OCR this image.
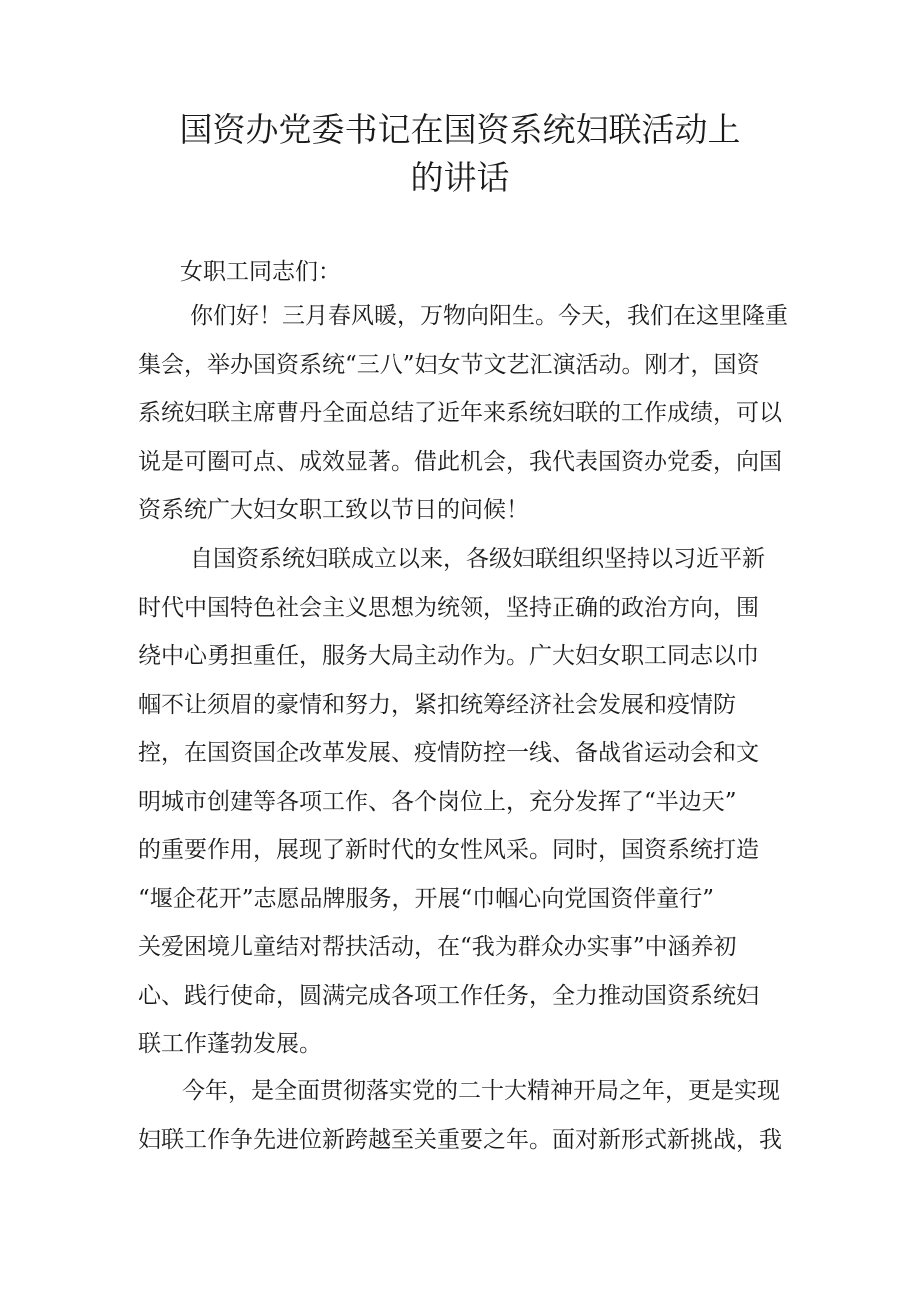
国资办党委书记在国资系统妇联活动上
的讲话

女职工同志们：

你们好！三月春风暖，万物向阳生。今天，我们在这里隆重
集会，举办国资系统“三八”妇女节文艺汇演活动。刚才，国资
系统妇联主席曹丹全面总结了近年来系统妇联的工作成绩，可以
说是可圈可点、成效显著。借此机会，我代表国资办党委，向国
资系统广大妇女职工致以节日的问候！
自国资系统妇联成立以来，各级妇联组织坚持以习近平新
时代中国特色社会主义思想为统领，坚持正确的政治方向，围
绕中心勇担重任，服务大局主动作为。广大妇女职工同志以巾
帼不让须眉的豪情和努力，紧扣统筹经济社会发展和疫情防
控，在国资国企改革发展、疫情防控一线、备战省运动会和文
明城市创建等各项工作、各个岗位上，充分发挥了“半边天”
的重要作用，展现了新时代的女性风采。同时，国资系统打造
“堰企花开”志愿品牌服务，开展“巾帼心向党国资伴童行”
关爱困境儿童结对帮扶活动，在“我为群众办实事”中涵养初
心、践行使命，圆满完成各项工作任务，全力推动国资系统妇
联工作蓬勃发展。
今年，是全面贯彻落实党的二十大精神开局之年，更是实现
妇联工作争先进位新跨越至关重要之年。面对新形式新挑战，我
